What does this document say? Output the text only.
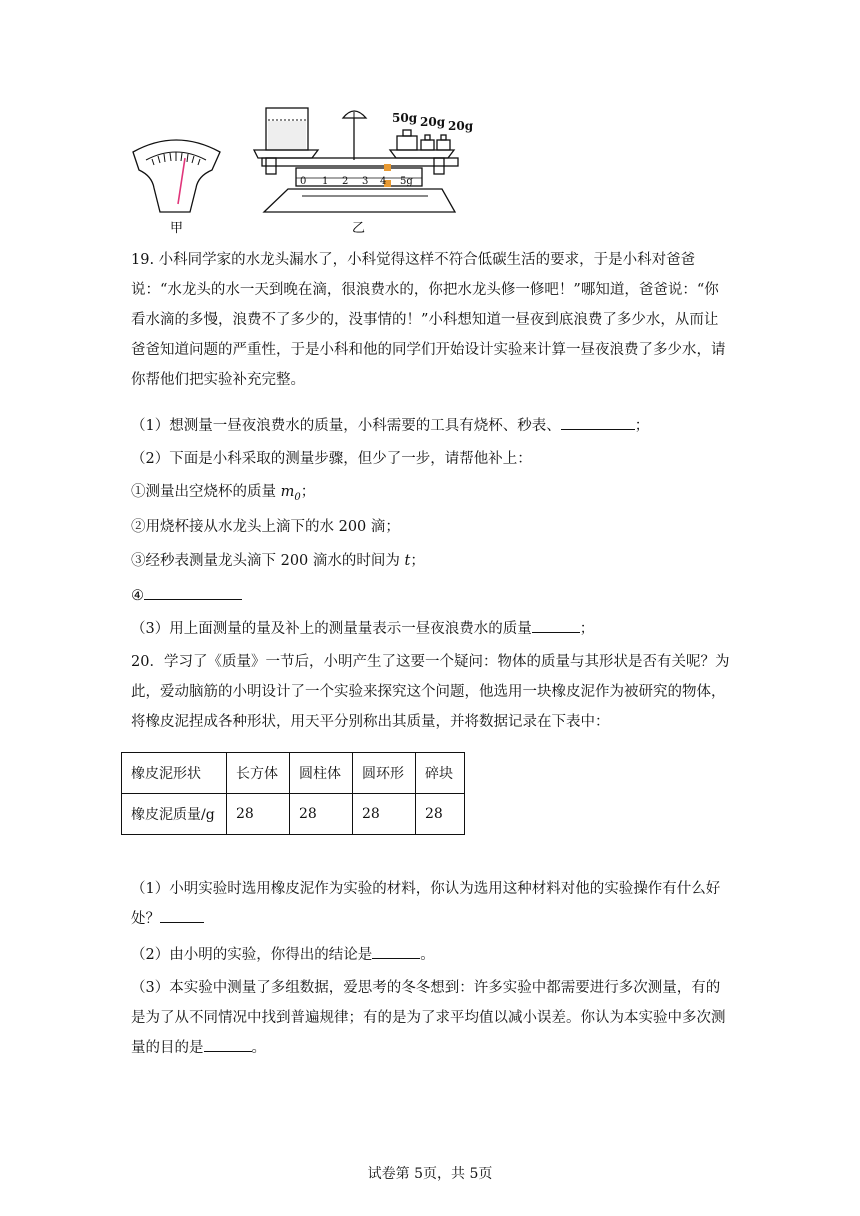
甲
0 1 2 3 4 5g
50g 20g 20g
乙
19. 小科同学家的水龙头漏水了，小科觉得这样不符合低碳生活的要求，于是小科对爸爸说：“水龙头的水一天到晚在滴，很浪费水的，你把水龙头修一修吧！”哪知道，爸爸说：“你看水滴的多慢，浪费不了多少的，没事情的！”小科想知道一昼夜到底浪费了多少水，从而让爸爸知道问题的严重性，于是小科和他的同学们开始设计实验来计算一昼夜浪费了多少水，请你帮他们把实验补充完整。
（1）想测量一昼夜浪费水的质量，小科需要的工具有烧杯、秒表、	；
（2）下面是小科采取的测量步骤，但少了一步，请帮他补上：
①测量出空烧杯的质量 $m_0$；
②用烧杯接从水龙头上滴下的水 200 滴；
③经秒表测量龙头滴下 200 滴水的时间为 t；
④
（3）用上面测量的量及补上的测量量表示一昼夜浪费水的质量	；
20．学习了《质量》一节后，小明产生了这要一个疑问：物体的质量与其形状是否有关呢？为此，爱动脑筋的小明设计了一个实验来探究这个问题，他选用一块橡皮泥作为被研究的物体，将橡皮泥捏成各种形状，用天平分别称出其质量，并将数据记录在下表中：
橡皮泥形状	长方体	圆柱体	圆环形	碎块
橡皮泥质量/g	28	28	28	28
（1）小明实验时选用橡皮泥作为实验的材料，你认为选用这种材料对他的实验操作有什么好处？
（2）由小明的实验，你得出的结论是	。
（3）本实验中测量了多组数据，爱思考的冬冬想到：许多实验中都需要进行多次测量，有的是为了从不同情况中找到普遍规律；有的是为了求平均值以减小误差。你认为本实验中多次测量的目的是	。
试卷第 5页，共 5页
